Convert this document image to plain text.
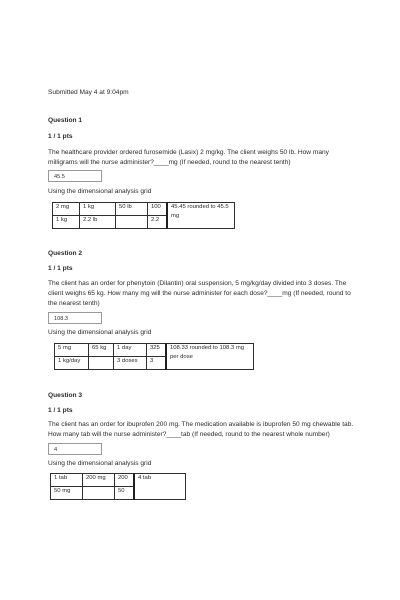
Submitted May 4 at 9:04pm
Question 1
1 / 1 pts
The healthcare provider ordered furosemide (Lasix) 2 mg/kg. The client weighs 50 lb. How many milligrams will the nurse administer?____mg (If needed, round to the nearest tenth)
45.5
Using the dimensional analysis grid
2 mg	1 kg	50 lb	100	45.45 rounded to 45.5 mg
1 kg	2.2 lb		2.2	
Question 2
1 / 1 pts
The client has an order for phenytoin (Dilantin) oral suspension, 5 mg/kg/day divided into 3 doses. The client weighs 65 kg. How many mg will the nurse administer for each dose?____mg (If needed, round to the nearest tenth)
108.3
Using the dimensional analysis grid
5 mg	65 kg	1 day	325	108.33 rounded to 108.3 mg per dose
1 kg/day		3 doses	3	
Question 3
1 / 1 pts
The client has an order for ibuprofen 200 mg. The medication available is ibuprofen 50 mg chewable tab. How many tab will the nurse administer?____tab (If needed, round to the nearest whole number)
4
Using the dimensional analysis grid
1 tab	200 mg	200	4 tab
50 mg		50	
